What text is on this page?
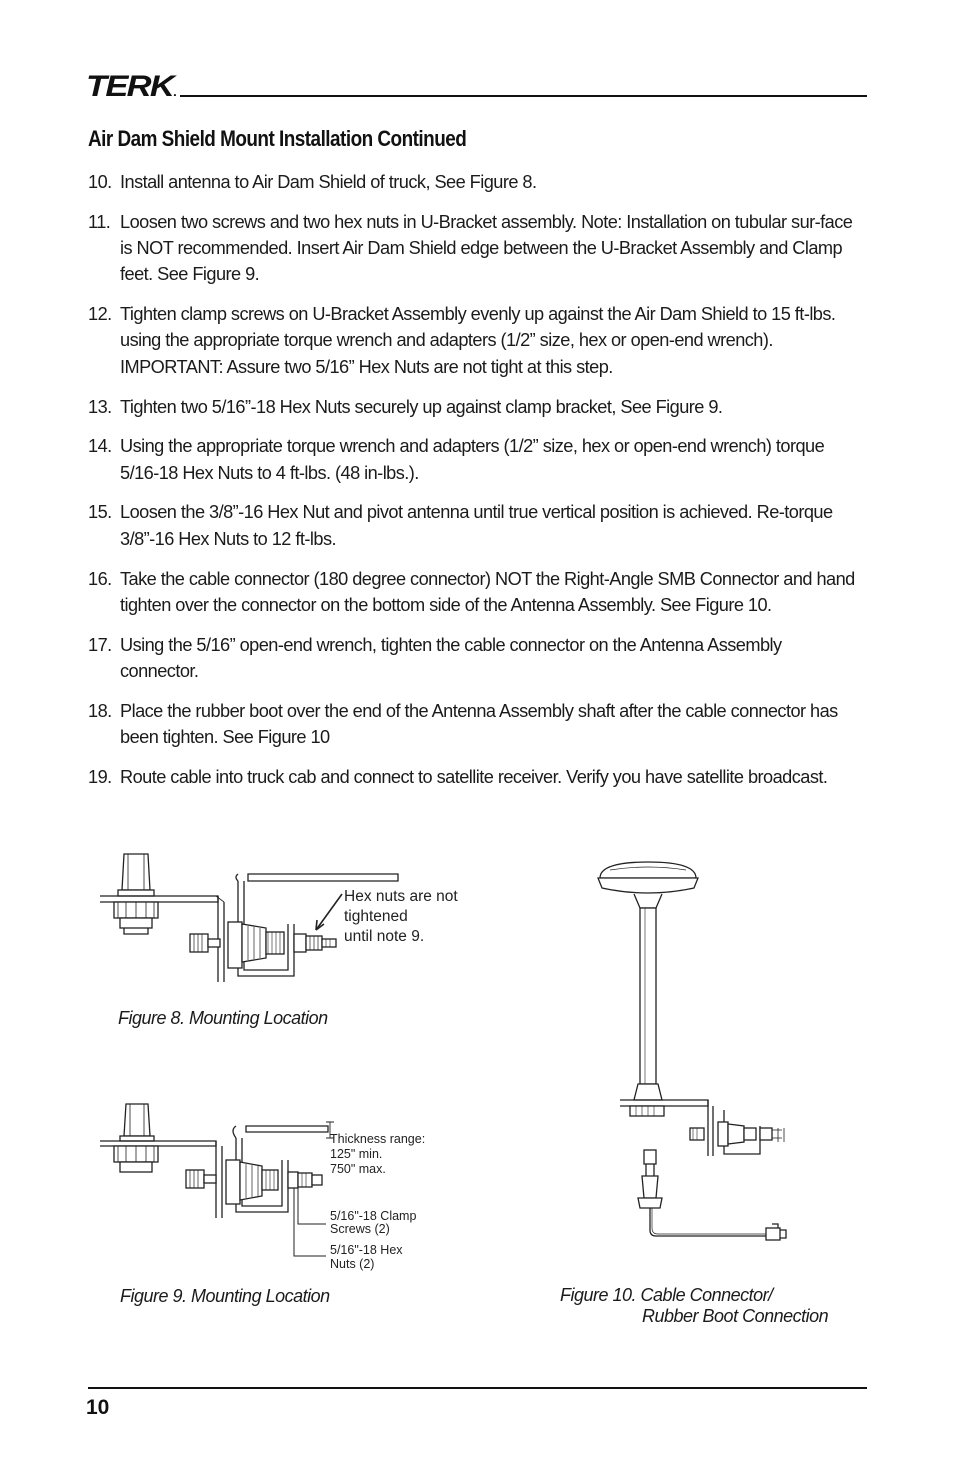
TERK.
Air Dam Shield Mount Installation Continued
10. Install antenna to Air Dam Shield of truck, See Figure 8.
11. Loosen two screws and two hex nuts in U-Bracket assembly. Note: Installation on tubular sur-face is NOT recommended. Insert Air Dam Shield edge between the U-Bracket Assembly and Clamp feet. See Figure 9.
12. Tighten clamp screws on U-Bracket Assembly evenly up against the Air Dam Shield to 15 ft-lbs. using the appropriate torque wrench and adapters (1/2” size, hex or open-end wrench). IMPORTANT: Assure two 5/16” Hex Nuts are not tight at this step.
13. Tighten two 5/16”-18 Hex Nuts securely up against clamp bracket, See Figure 9.
14. Using the appropriate torque wrench and adapters (1/2” size, hex or open-end wrench) torque 5/16-18 Hex Nuts to 4 ft-lbs. (48 in-lbs.).
15. Loosen the 3/8”-16 Hex Nut and pivot antenna until true vertical position is achieved. Re-torque 3/8”-16 Hex Nuts to 12 ft-lbs.
16. Take the cable connector (180 degree connector) NOT the Right-Angle SMB Connector and hand tighten over the connector on the bottom side of the Antenna Assembly. See Figure 10.
17. Using the 5/16” open-end wrench, tighten the cable connector on the Antenna Assembly connector.
18. Place the rubber boot over the end of the Antenna Assembly shaft after the cable connector has been tighten. See Figure 10
19. Route cable into truck cab and connect to satellite receiver. Verify you have satellite broadcast.
Hex nuts are not
tightened
until note 9.
Figure 8. Mounting Location
Thickness range:
125" min.
750" max.
5/16"-18 Clamp
Screws (2)
5/16"-18 Hex
Nuts (2)
Figure 9. Mounting Location	Figure 10. Cable Connector/
Rubber Boot Connection
10
